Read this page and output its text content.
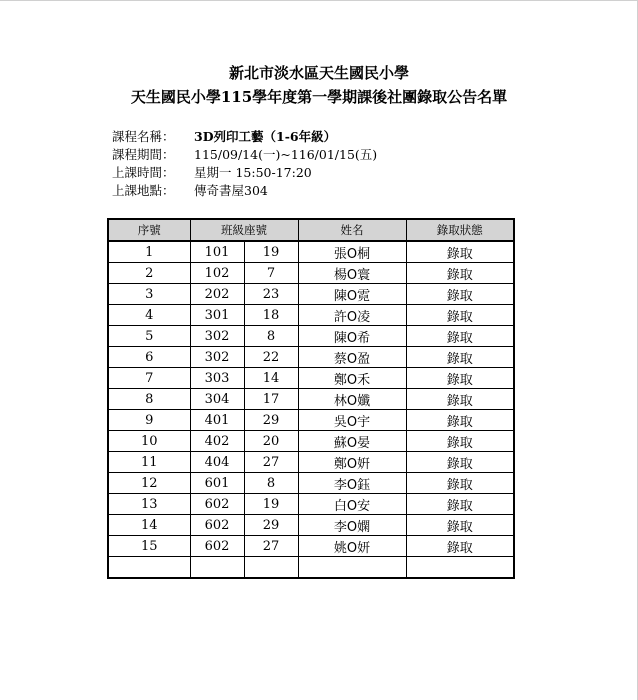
新北市淡水區天生國民小學
天生國民小學115學年度第一學期課後社團錄取公告名單
課程名稱：	3D列印工藝（1-6年級）
課程期間：	115/09/14(一)~116/01/15(五)
上課時間：	星期一 15:50-17:20
上課地點：	傳奇書屋304
序號	班級座號		姓名	錄取狀態
1	101	19	張O桐	錄取
2	102	7	楊O寰	錄取
3	202	23	陳O霓	錄取
4	301	18	許O凌	錄取
5	302	8	陳O希	錄取
6	302	22	蔡O盈	錄取
7	303	14	鄭O禾	錄取
8	304	17	林O孅	錄取
9	401	29	吳O宇	錄取
10	402	20	蘇O晏	錄取
11	404	27	鄭O姸	錄取
12	601	8	李O鈺	錄取
13	602	19	白O安	錄取
14	602	29	李O嫻	錄取
15	602	27	姚O妍	錄取
